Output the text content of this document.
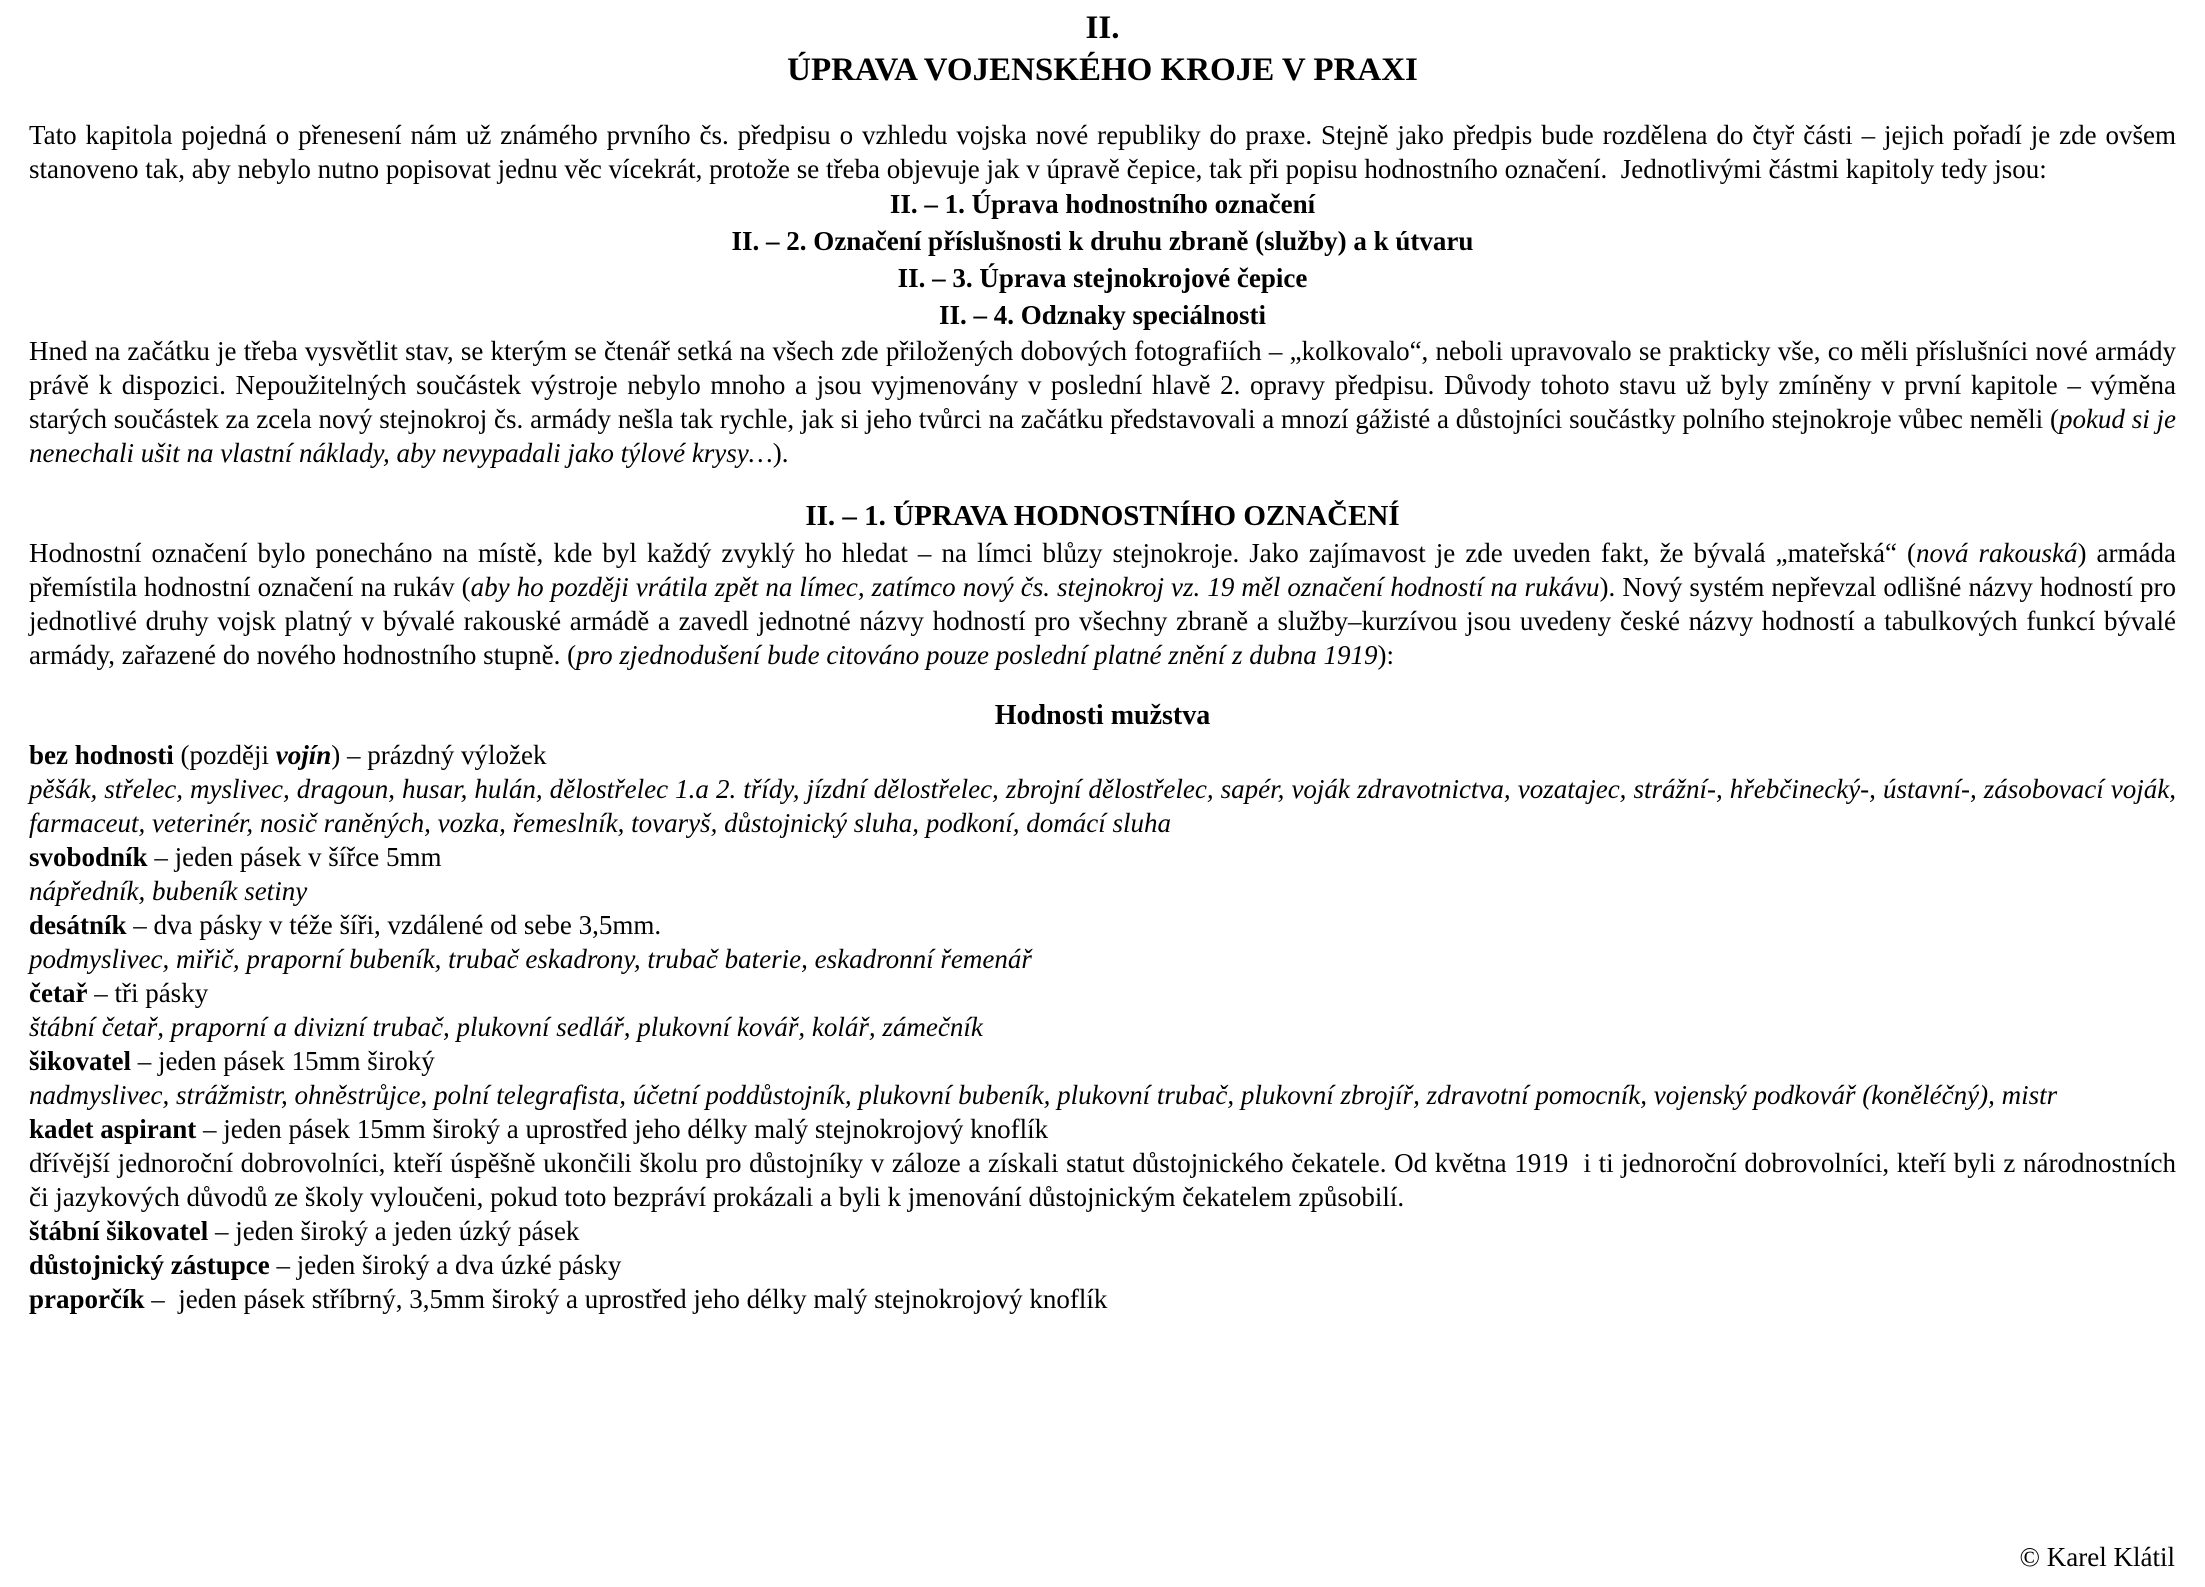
II.
ÚPRAVA VOJENSKÉHO KROJE V PRAXI

Tato kapitola pojedná o přenesení nám už známého prvního čs. předpisu o vzhledu vojska nové republiky do praxe. Stejně jako předpis bude rozdělena do čtyř části – jejich pořadí je zde ovšem stanoveno tak, aby nebylo nutno popisovat jednu věc vícekrát, protože se třeba objevuje jak v úpravě čepice, tak při popisu hodnostního označení.  Jednotlivými částmi kapitoly tedy jsou:

II. – 1. Úprava hodnostního označení
II. – 2. Označení příslušnosti k druhu zbraně (služby) a k útvaru
II. – 3. Úprava stejnokrojové čepice
II. – 4. Odznaky speciálnosti

Hned na začátku je třeba vysvětlit stav, se kterým se čtenář setká na všech zde přiložených dobových fotografiích – „kolkovalo“, neboli upravovalo se prakticky vše, co měli příslušníci nové armády právě k dispozici. Nepoužitelných součástek výstroje nebylo mnoho a jsou vyjmenovány v poslední hlavě 2. opravy předpisu. Důvody tohoto stavu už byly zmíněny v první kapitole – výměna starých součástek za zcela nový stejnokroj čs. armády nešla tak rychle, jak si jeho tvůrci na začátku představovali a mnozí gážisté a důstojníci součástky polního stejnokroje vůbec neměli (pokud si je nenechali ušit na vlastní náklady, aby nevypadali jako týlové krysy…).

II. – 1. ÚPRAVA HODNOSTNÍHO OZNAČENÍ

Hodnostní označení bylo ponecháno na místě, kde byl každý zvyklý ho hledat – na límci blůzy stejnokroje. Jako zajímavost je zde uveden fakt, že bývalá „mateřská“ (nová rakouská) armáda přemístila hodnostní označení na rukáv (aby ho později vrátila zpět na límec, zatímco nový čs. stejnokroj vz. 19 měl označení hodností na rukávu). Nový systém nepřevzal odlišné názvy hodností pro jednotlivé druhy vojsk platný v bývalé rakouské armádě a zavedl jednotné názvy hodností pro všechny zbraně a služby–kurzívou jsou uvedeny české názvy hodností a tabulkových funkcí bývalé armády, zařazené do nového hodnostního stupně. (pro zjednodušení bude citováno pouze poslední platné znění z dubna 1919):

Hodnosti mužstva

bez hodnosti (později vojín) – prázdný výložek

pěšák, střelec, myslivec, dragoun, husar, hulán, dělostřelec 1.a 2. třídy, jízdní dělostřelec, zbrojní dělostřelec, sapér, voják zdravotnictva, vozatajec, strážní-, hřebčinecký-, ústavní-, zásobovací voják, farmaceut, veterinér, nosič raněných, vozka, řemeslník, tovaryš, důstojnický sluha, podkoní, domácí sluha

svobodník – jeden pásek v šířce 5mm

nápředník, bubeník setiny

desátník – dva pásky v téže šíři, vzdálené od sebe 3,5mm.

podmyslivec, miřič, praporní bubeník, trubač eskadrony, trubač baterie, eskadronní řemenář

četař – tři pásky

štábní četař, praporní a divizní trubač, plukovní sedlář, plukovní kovář, kolář, zámečník

šikovatel – jeden pásek 15mm široký

nadmyslivec, strážmistr, ohněstrůjce, polní telegrafista, účetní poddůstojník, plukovní bubeník, plukovní trubač, plukovní zbrojíř, zdravotní pomocník, vojenský podkovář (koněléčný), mistr

kadet aspirant – jeden pásek 15mm široký a uprostřed jeho délky malý stejnokrojový knoflík

dřívější jednoroční dobrovolníci, kteří úspěšně ukončili školu pro důstojníky v záloze a získali statut důstojnického čekatele. Od května 1919  i ti jednoroční dobrovolníci, kteří byli z národnostních či jazykových důvodů ze školy vyloučeni, pokud toto bezpráví prokázali a byli k jmenování důstojnickým čekatelem způsobilí.

štábní šikovatel – jeden široký a jeden úzký pásek

důstojnický zástupce – jeden široký a dva úzké pásky

praporčík –  jeden pásek stříbrný, 3,5mm široký a uprostřed jeho délky malý stejnokrojový knoflík

© Karel Klátil
